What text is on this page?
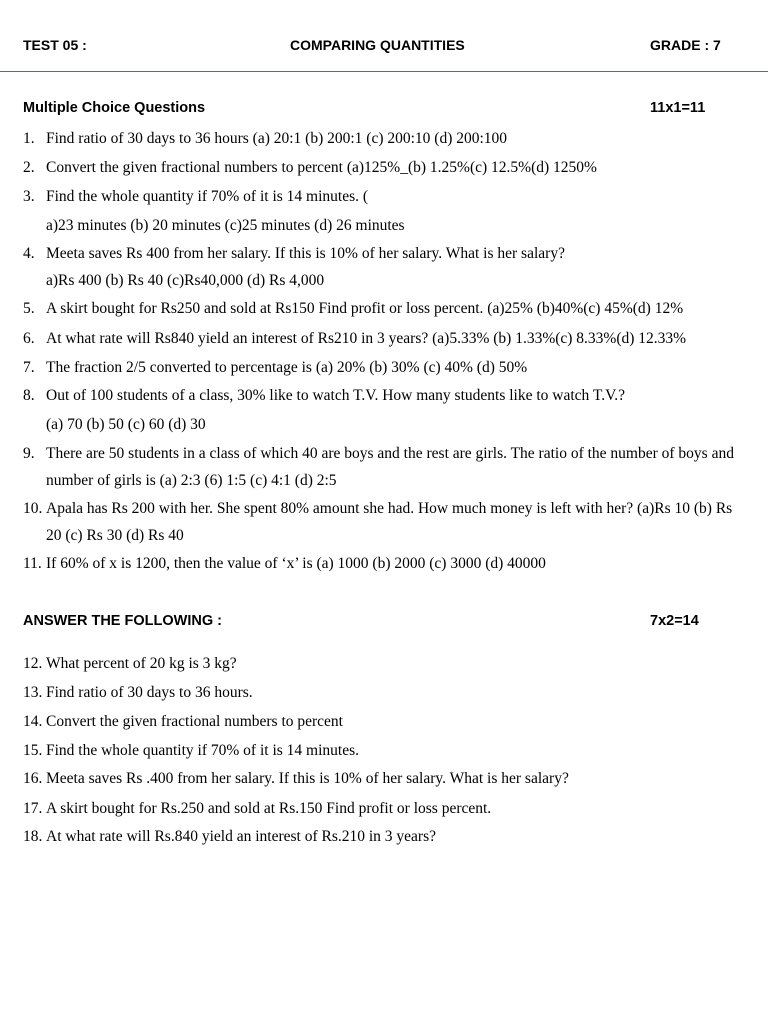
TEST 05 :	COMPARING QUANTITIES	GRADE : 7
Multiple Choice Questions	11x1=11
1. Find ratio of 30 days to 36 hours (a) 20:1 (b) 200:1 (c) 200:10 (d) 200:100
2. Convert the given fractional numbers to percent (a)125%_(b) 1.25%(c) 12.5%(d) 1250%
3. Find the whole quantity if 70% of it is 14 minutes. (
a)23 minutes (b) 20 minutes (c)25 minutes (d) 26 minutes
4. Meeta saves Rs 400 from her salary. If this is 10% of her salary. What is her salary?
a)Rs 400 (b) Rs 40 (c)Rs40,000 (d) Rs 4,000
5. A skirt bought for Rs250 and sold at Rs150 Find profit or loss percent. (a)25% (b)40%(c) 45%(d) 12%
6. At what rate will Rs840 yield an interest of Rs210 in 3 years? (a)5.33% (b) 1.33%(c) 8.33%(d) 12.33%
7. The fraction 2/5 converted to percentage is (a) 20% (b) 30% (c) 40% (d) 50%
8. Out of 100 students of a class, 30% like to watch T.V. How many students like to watch T.V.?
(a) 70 (b) 50 (c) 60 (d) 30
9. There are 50 students in a class of which 40 are boys and the rest are girls. The ratio of the number of boys and number of girls is (a) 2:3 (6) 1:5 (c) 4:1 (d) 2:5
10. Apala has Rs 200 with her. She spent 80% amount she had. How much money is left with her? (a)Rs 10 (b) Rs 20 (c) Rs 30 (d) Rs 40
11. If 60% of x is 1200, then the value of ‘x’ is (a) 1000 (b) 2000 (c) 3000 (d) 40000
ANSWER THE FOLLOWING :	7x2=14
12. What percent of 20 kg is 3 kg?
13. Find ratio of 30 days to 36 hours.
14. Convert the given fractional numbers to percent
15. Find the whole quantity if 70% of it is 14 minutes.
16. Meeta saves Rs .400 from her salary. If this is 10% of her salary. What is her salary?
17. A skirt bought for Rs.250 and sold at Rs.150 Find profit or loss percent.
18. At what rate will Rs.840 yield an interest of Rs.210 in 3 years?
